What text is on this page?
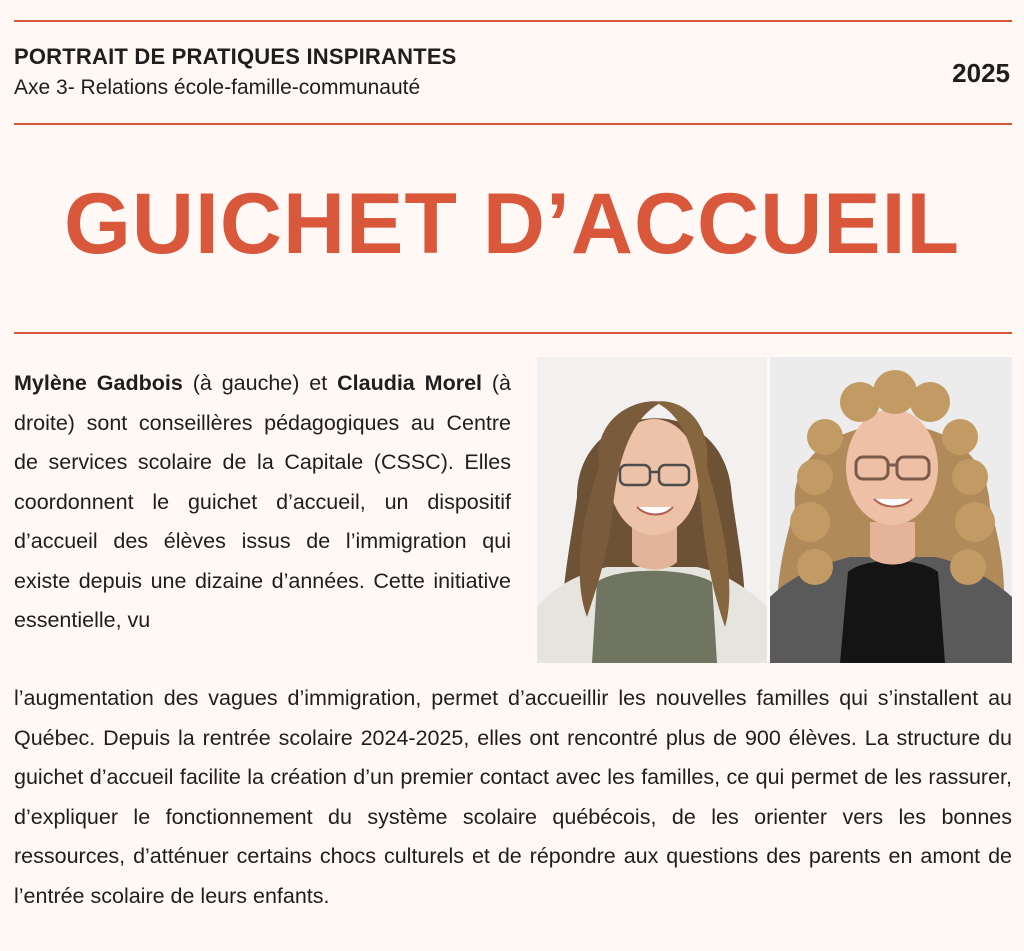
PORTRAIT DE PRATIQUES INSPIRANTES
Axe 3- Relations école-famille-communauté	2025
GUICHET D’ACCUEIL

Mylène Gadbois (à gauche) et Claudia Morel (à droite) sont conseillères pédagogiques au Centre de services scolaire de la Capitale (CSSC). Elles coordonnent le guichet d’accueil, un dispositif d’accueil des élèves issus de l’immigration qui existe depuis une dizaine d’années. Cette initiative essentielle, vu

l’augmentation des vagues d’immigration, permet d’accueillir les nouvelles familles qui s’installent au Québec. Depuis la rentrée scolaire 2024-2025, elles ont rencontré plus de 900 élèves. La structure du guichet d’accueil facilite la création d’un premier contact avec les familles, ce qui permet de les rassurer, d’expliquer le fonctionnement du système scolaire québécois, de les orienter vers les bonnes ressources, d’atténuer certains chocs culturels et de répondre aux questions des parents en amont de l’entrée scolaire de leurs enfants.
